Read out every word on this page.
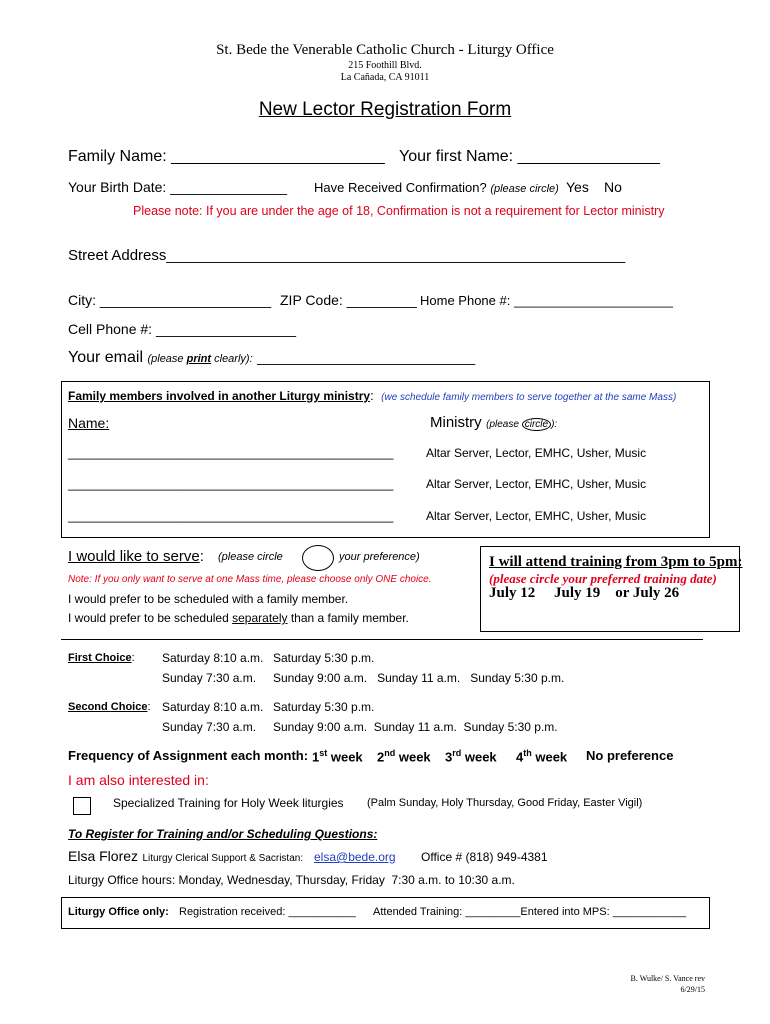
St. Bede the Venerable Catholic Church - Liturgy Office
215 Foothill Blvd.
La Cañada, CA 91011
New Lector Registration Form
Family Name: ________________________ Your first Name: ________________
Your Birth Date: _______________ Have Received Confirmation? (please circle) Yes No
Please note: If you are under the age of 18, Confirmation is not a requirement for Lector ministry
Street Address_______________________________________________________
City: ______________________ ZIP Code: _________ Home Phone #: ______________________
Cell Phone #: __________________
Your email (please print clearly): ____________________________
Family members involved in another Liturgy ministry: (we schedule family members to serve together at the same Mass)
Name:	Ministry (please circle ):
_____________________________________________	Altar Server, Lector, EMHC, Usher, Music
_____________________________________________	Altar Server, Lector, EMHC, Usher, Music
_____________________________________________	Altar Server, Lector, EMHC, Usher, Music
I would like to serve: (please circle	your preference)
Note: If you only want to serve at one Mass time, please choose only ONE choice.
I would prefer to be scheduled with a family member.
I would prefer to be scheduled separately than a family member.
I will attend training from 3pm to 5pm:
(please circle your preferred training date)
July 12     July 19    or July 26
First Choice: Saturday 8:10 a.m. Saturday 5:30 p.m.
Sunday 7:30 a.m. Sunday 9:00 a.m.   Sunday 11 a.m.   Sunday 5:30 p.m.
Second Choice: Saturday 8:10 a.m. Saturday 5:30 p.m.
Sunday 7:30 a.m. Sunday 9:00 a.m.  Sunday 11 a.m.  Sunday 5:30 p.m.
Frequency of Assignment each month: 1st week 2nd week 3rd week 4th week No preference
I am also interested in:
Specialized Training for Holy Week liturgies (Palm Sunday, Holy Thursday, Good Friday, Easter Vigil)
To Register for Training and/or Scheduling Questions:
Elsa Florez Liturgy Clerical Support & Sacristan: elsa@bede.org Office # (818) 949-4381
Liturgy Office hours: Monday, Wednesday, Thursday, Friday  7:30 a.m. to 10:30 a.m.
Liturgy Office only: Registration received: ___________ Attended Training: _________Entered into MPS: ____________
B. Wulke/ S. Vance rev
6/29/15
